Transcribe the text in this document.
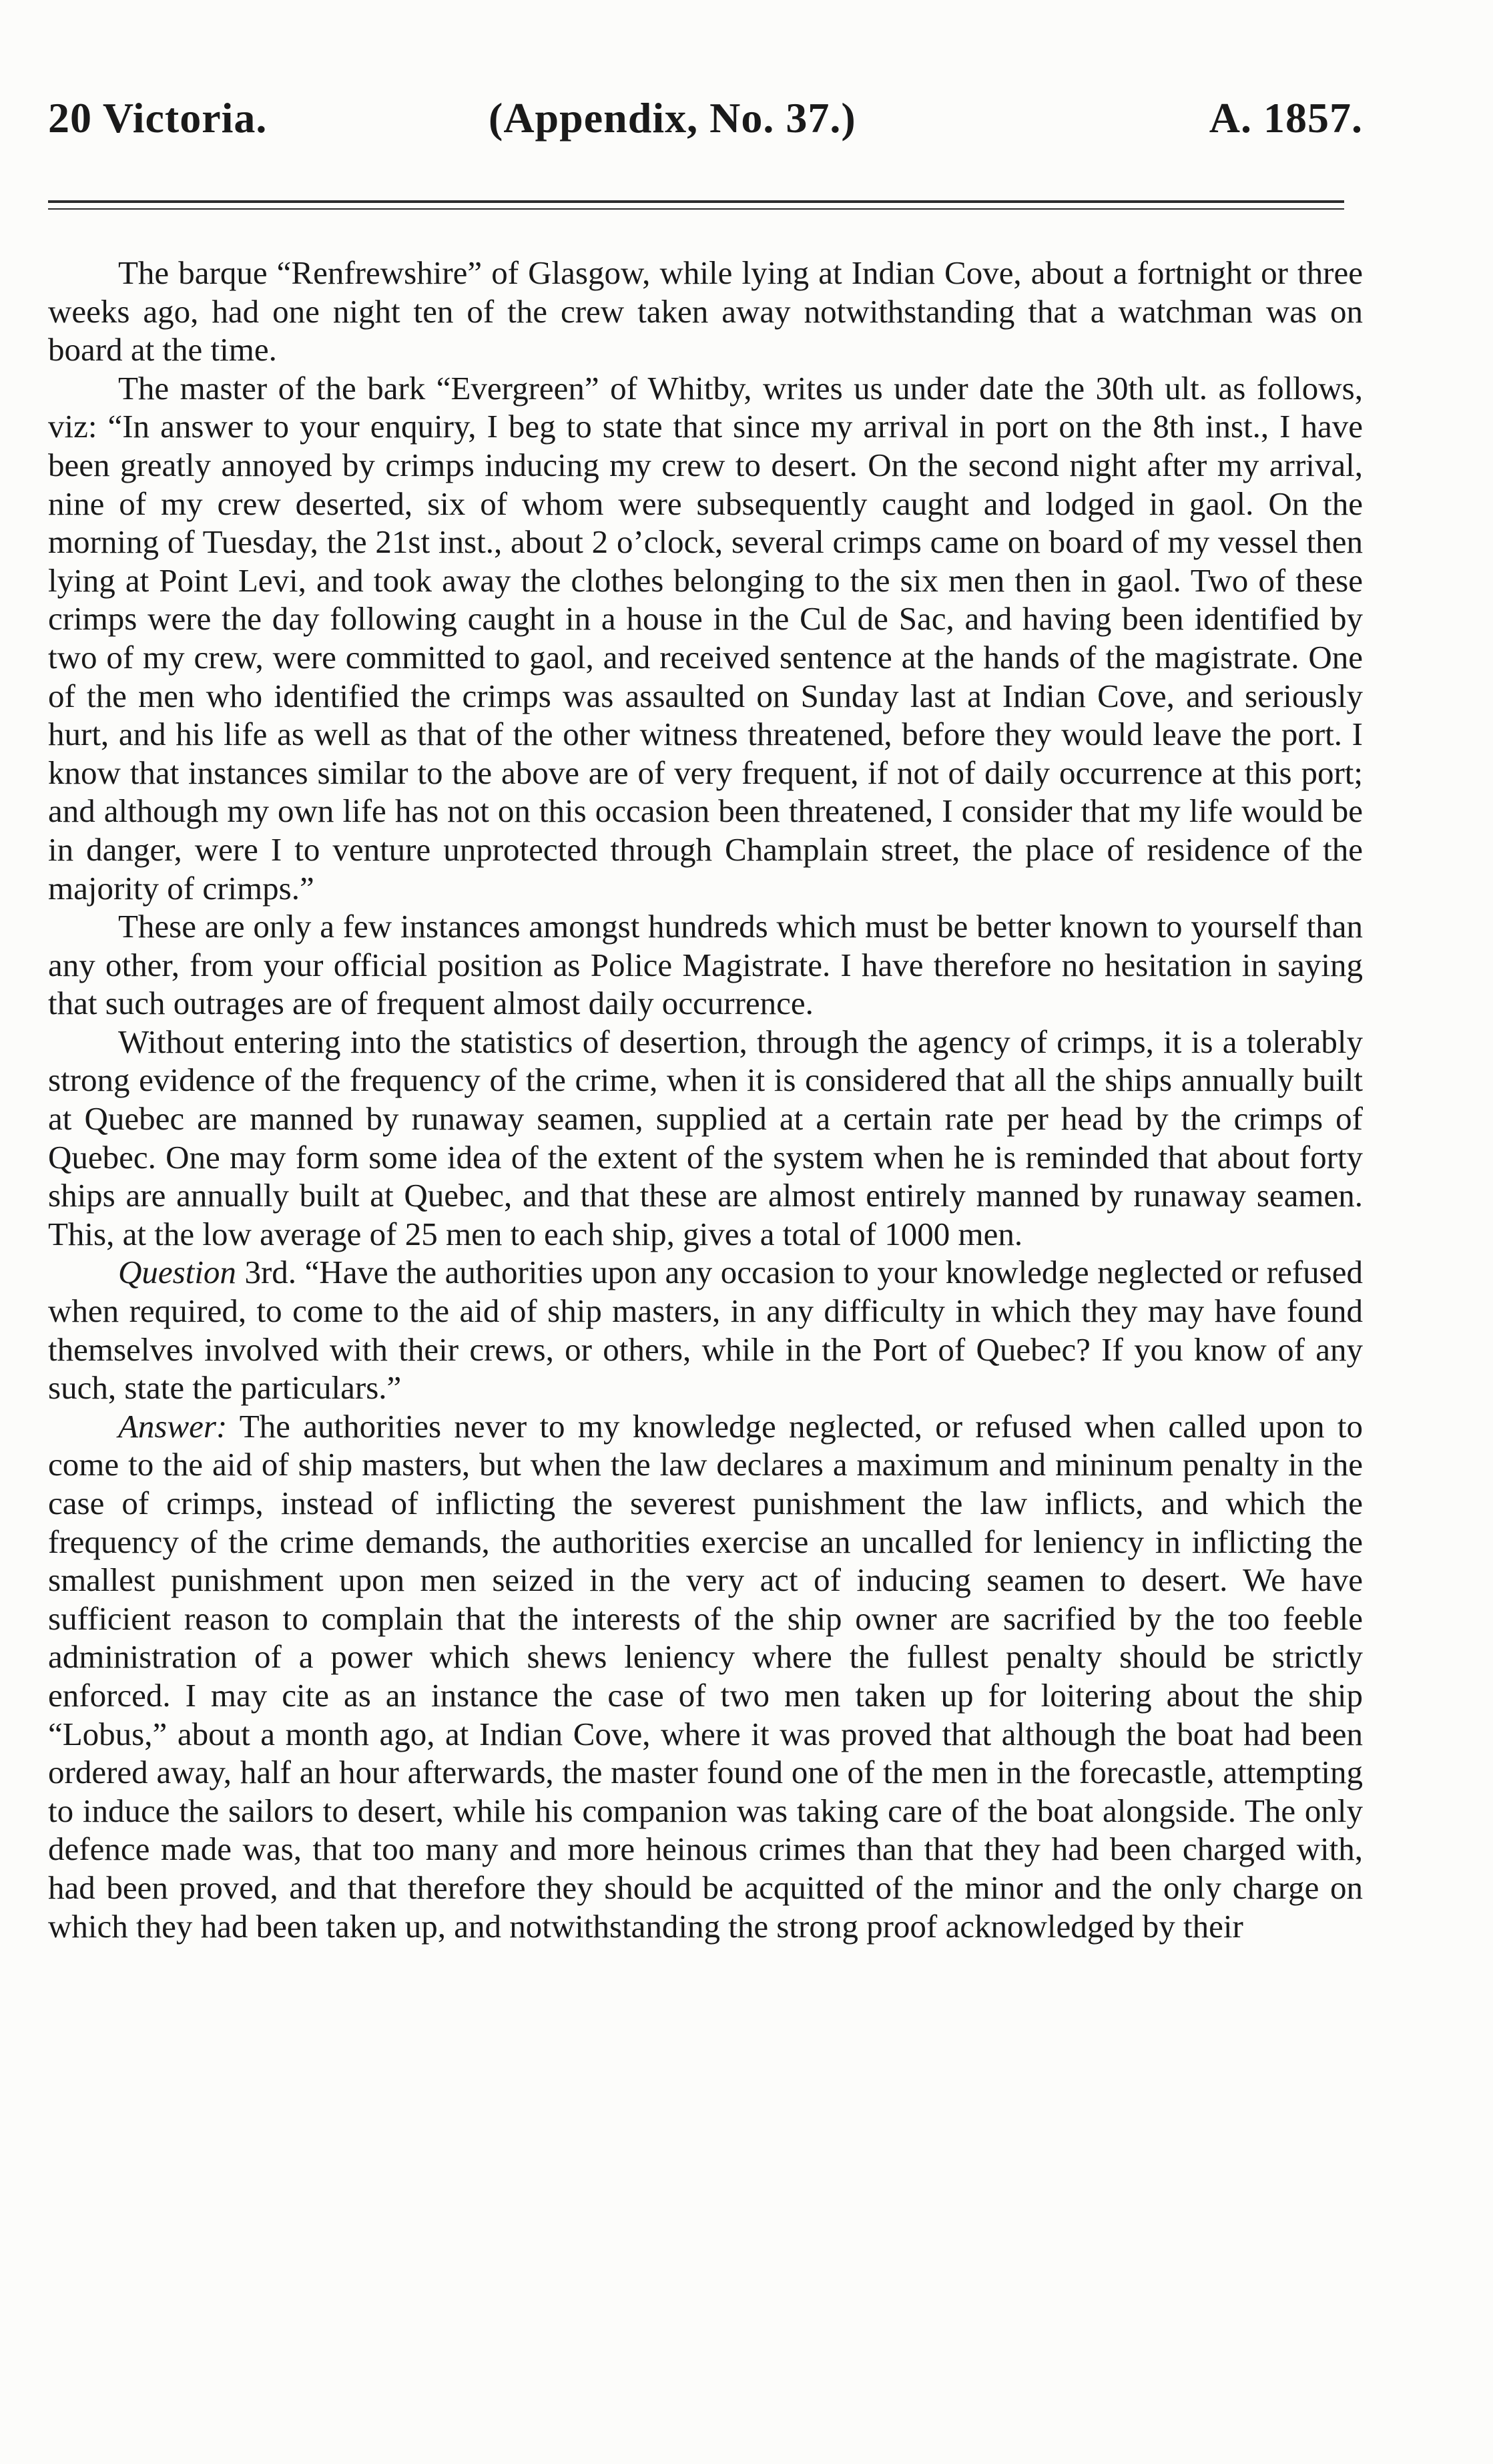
20 Victoria.	(Appendix, No. 37.)	A. 1857.

The barque “Renfrewshire” of Glasgow, while lying at Indian Cove, about a fortnight or three weeks ago, had one night ten of the crew taken away notwithstanding that a watchman was on board at the time.

The master of the bark “Evergreen” of Whitby, writes us under date the 30th ult. as follows, viz: “In answer to your enquiry, I beg to state that since my arrival in port on the 8th inst., I have been greatly annoyed by crimps inducing my crew to desert. On the second night after my arrival, nine of my crew deserted, six of whom were subsequently caught and lodged in gaol. On the morning of Tuesday, the 21st inst., about 2 o’clock, several crimps came on board of my vessel then lying at Point Levi, and took away the clothes belonging to the six men then in gaol. Two of these crimps were the day following caught in a house in the Cul de Sac, and having been identified by two of my crew, were committed to gaol, and received sentence at the hands of the magistrate. One of the men who identified the crimps was assaulted on Sunday last at Indian Cove, and seriously hurt, and his life as well as that of the other witness threatened, before they would leave the port. I know that instances similar to the above are of very frequent, if not of daily occurrence at this port; and although my own life has not on this occasion been threatened, I consider that my life would be in danger, were I to venture unprotected through Champlain street, the place of residence of the majority of crimps.”

These are only a few instances amongst hundreds which must be better known to yourself than any other, from your official position as Police Magistrate. I have therefore no hesitation in saying that such outrages are of frequent almost daily occurrence.

Without entering into the statistics of desertion, through the agency of crimps, it is a tolerably strong evidence of the frequency of the crime, when it is considered that all the ships annually built at Quebec are manned by runaway seamen, supplied at a certain rate per head by the crimps of Quebec. One may form some idea of the extent of the system when he is reminded that about forty ships are annually built at Quebec, and that these are almost entirely manned by runaway seamen. This, at the low average of 25 men to each ship, gives a total of 1000 men.

Question 3rd. “Have the authorities upon any occasion to your knowledge neglected or refused when required, to come to the aid of ship masters, in any difficulty in which they may have found themselves involved with their crews, or others, while in the Port of Quebec? If you know of any such, state the particulars.”

Answer: The authorities never to my knowledge neglected, or refused when called upon to come to the aid of ship masters, but when the law declares a maximum and mininum penalty in the case of crimps, instead of inflicting the severest punishment the law inflicts, and which the frequency of the crime demands, the authorities exercise an uncalled for leniency in inflicting the smallest punishment upon men seized in the very act of inducing seamen to desert. We have sufficient reason to complain that the interests of the ship owner are sacrified by the too feeble administration of a power which shews leniency where the fullest penalty should be strictly enforced. I may cite as an instance the case of two men taken up for loitering about the ship “Lobus,” about a month ago, at Indian Cove, where it was proved that although the boat had been ordered away, half an hour afterwards, the master found one of the men in the forecastle, attempting to induce the sailors to desert, while his companion was taking care of the boat alongside. The only defence made was, that too many and more heinous crimes than that they had been charged with, had been proved, and that therefore they should be acquitted of the minor and the only charge on which they had been taken up, and notwithstanding the strong proof acknowledged by their
